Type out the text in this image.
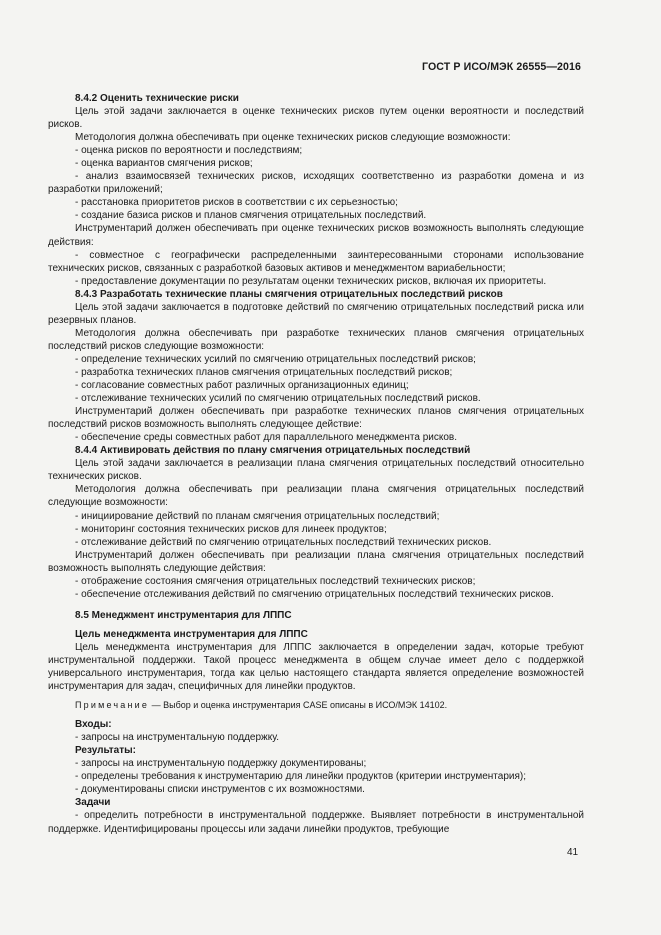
ГОСТ Р ИСО/МЭК 26555—2016

8.4.2 Оценить технические риски

Цель этой задачи заключается в оценке технических рисков путем оценки вероятности и последствий рисков.

Методология должна обеспечивать при оценке технических рисков следующие возможности:

- оценка рисков по вероятности и последствиям;

- оценка вариантов смягчения рисков;

- анализ взаимосвязей технических рисков, исходящих соответственно из разработки домена и из разработки приложений;

- расстановка приоритетов рисков в соответствии с их серьезностью;

- создание базиса рисков и планов смягчения отрицательных последствий.

Инструментарий должен обеспечивать при оценке технических рисков возможность выполнять следующие действия:

- совместное с географически распределенными заинтересованными сторонами использование технических рисков, связанных с разработкой базовых активов и менеджментом вариабельности;

- предоставление документации по результатам оценки технических рисков, включая их приоритеты.

8.4.3 Разработать технические планы смягчения отрицательных последствий рисков

Цель этой задачи заключается в подготовке действий по смягчению отрицательных последствий риска или резервных планов.

Методология должна обеспечивать при разработке технических планов смягчения отрицательных последствий рисков следующие возможности:

- определение технических усилий по смягчению отрицательных последствий рисков;

- разработка технических планов смягчения отрицательных последствий рисков;

- согласование совместных работ различных организационных единиц;

- отслеживание технических усилий по смягчению отрицательных последствий рисков.

Инструментарий должен обеспечивать при разработке технических планов смягчения отрицательных последствий рисков возможность выполнять следующее действие:

- обеспечение среды совместных работ для параллельного менеджмента рисков.

8.4.4 Активировать действия по плану смягчения отрицательных последствий

Цель этой задачи заключается в реализации плана смягчения отрицательных последствий относительно технических рисков.

Методология должна обеспечивать при реализации плана смягчения отрицательных последствий следующие возможности:

- инициирование действий по планам смягчения отрицательных последствий;

- мониторинг состояния технических рисков для линеек продуктов;

- отслеживание действий по смягчению отрицательных последствий технических рисков.

Инструментарий должен обеспечивать при реализации плана смягчения отрицательных последствий возможность выполнять следующие действия:

- отображение состояния смягчения отрицательных последствий технических рисков;

- обеспечение отслеживания действий по смягчению отрицательных последствий технических рисков.

8.5 Менеджмент инструментария для ЛППС

Цель менеджмента инструментария для ЛППС

Цель менеджмента инструментария для ЛППС заключается в определении задач, которые требуют инструментальной поддержки. Такой процесс менеджмента в общем случае имеет дело с поддержкой универсального инструментария, тогда как целью настоящего стандарта является определение возможностей инструментария для задач, специфичных для линейки продуктов.

Примечание — Выбор и оценка инструментария CASE описаны в ИСО/МЭК 14102.

Входы:

- запросы на инструментальную поддержку.

Результаты:

- запросы на инструментальную поддержку документированы;

- определены требования к инструментарию для линейки продуктов (критерии инструментария);

- документированы списки инструментов с их возможностями.

Задачи

- определить потребности в инструментальной поддержке. Выявляет потребности в инструментальной поддержке. Идентифицированы процессы или задачи линейки продуктов, требующие

41
